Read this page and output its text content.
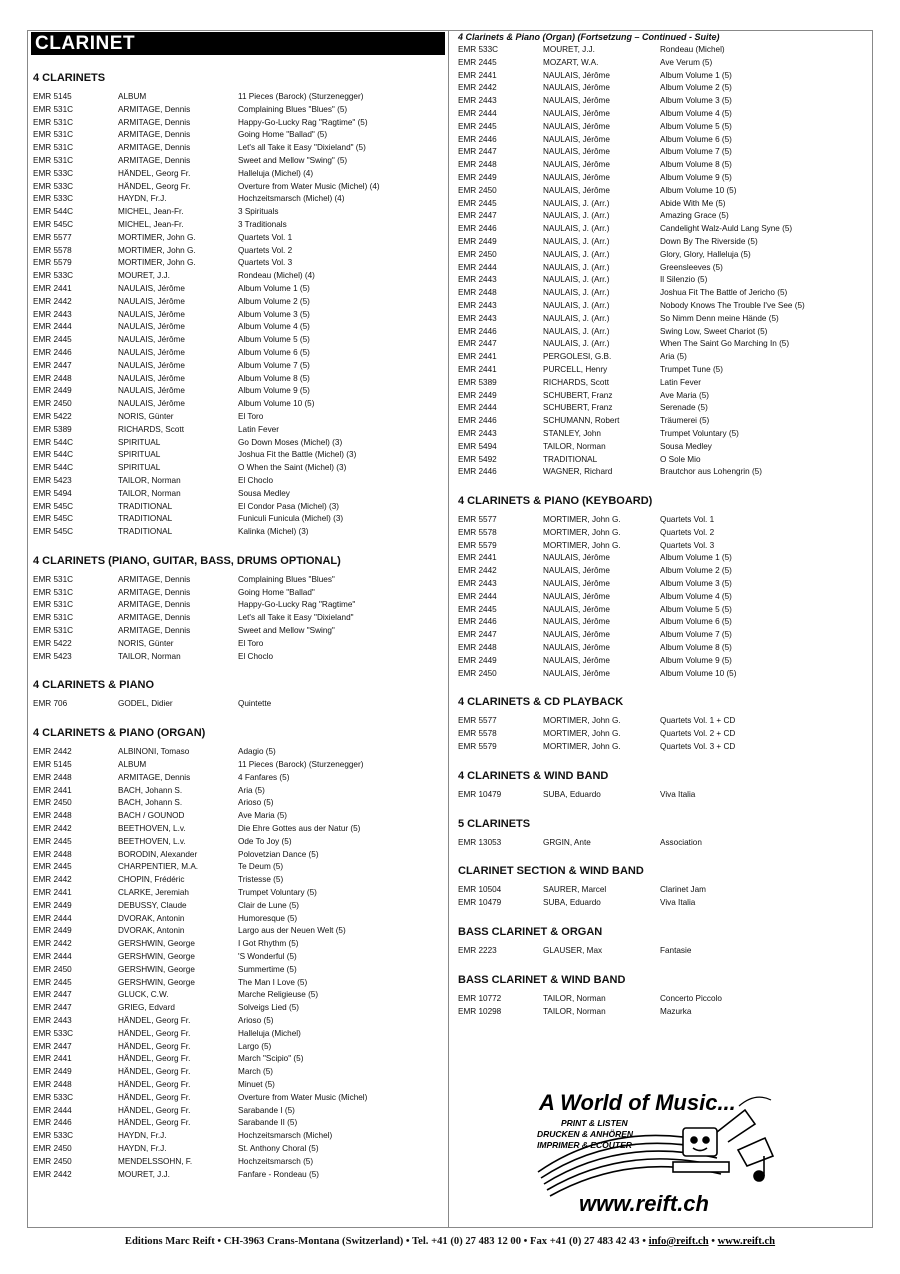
CLARINET
4 CLARINETS
EMR 5145	ALBUM	11 Pieces (Barock) (Sturzenegger)
EMR 531C	ARMITAGE, Dennis	Complaining Blues "Blues" (5)
EMR 531C	ARMITAGE, Dennis	Happy-Go-Lucky Rag "Ragtime" (5)
EMR 531C	ARMITAGE, Dennis	Going Home "Ballad" (5)
EMR 531C	ARMITAGE, Dennis	Let's all Take it Easy "Dixieland" (5)
EMR 531C	ARMITAGE, Dennis	Sweet and Mellow "Swing" (5)
EMR 533C	HÄNDEL, Georg Fr.	Halleluja (Michel) (4)
EMR 533C	HÄNDEL, Georg Fr.	Overture from Water Music (Michel) (4)
EMR 533C	HAYDN, Fr.J.	Hochzeitsmarsch (Michel) (4)
EMR 544C	MICHEL, Jean-Fr.	3 Spirituals
EMR 545C	MICHEL, Jean-Fr.	3 Traditionals
EMR 5577	MORTIMER, John G.	Quartets Vol. 1
EMR 5578	MORTIMER, John G.	Quartets Vol. 2
EMR 5579	MORTIMER, John G.	Quartets Vol. 3
EMR 533C	MOURET, J.J.	Rondeau (Michel) (4)
EMR 2441	NAULAIS, Jérôme	Album Volume 1 (5)
EMR 2442	NAULAIS, Jérôme	Album Volume 2 (5)
EMR 2443	NAULAIS, Jérôme	Album Volume 3 (5)
EMR 2444	NAULAIS, Jérôme	Album Volume 4 (5)
EMR 2445	NAULAIS, Jérôme	Album Volume 5 (5)
EMR 2446	NAULAIS, Jérôme	Album Volume 6 (5)
EMR 2447	NAULAIS, Jérôme	Album Volume 7 (5)
EMR 2448	NAULAIS, Jérôme	Album Volume 8 (5)
EMR 2449	NAULAIS, Jérôme	Album Volume 9 (5)
EMR 2450	NAULAIS, Jérôme	Album Volume 10 (5)
EMR 5422	NORIS, Günter	El Toro
EMR 5389	RICHARDS, Scott	Latin Fever
EMR 544C	SPIRITUAL	Go Down Moses (Michel) (3)
EMR 544C	SPIRITUAL	Joshua Fit the Battle (Michel) (3)
EMR 544C	SPIRITUAL	O When the Saint (Michel) (3)
EMR 5423	TAILOR, Norman	El Choclo
EMR 5494	TAILOR, Norman	Sousa Medley
EMR 545C	TRADITIONAL	El Condor Pasa (Michel) (3)
EMR 545C	TRADITIONAL	Funiculi Funicula (Michel) (3)
EMR 545C	TRADITIONAL	Kalinka (Michel) (3)
4 CLARINETS (PIANO, GUITAR, BASS, DRUMS OPTIONAL)
EMR 531C	ARMITAGE, Dennis	Complaining Blues "Blues"
EMR 531C	ARMITAGE, Dennis	Going Home "Ballad"
EMR 531C	ARMITAGE, Dennis	Happy-Go-Lucky Rag "Ragtime"
EMR 531C	ARMITAGE, Dennis	Let's all Take it Easy "Dixieland"
EMR 531C	ARMITAGE, Dennis	Sweet and Mellow "Swing"
EMR 5422	NORIS, Günter	El Toro
EMR 5423	TAILOR, Norman	El Choclo
4 CLARINETS & PIANO
EMR 706	GODEL, Didier	Quintette
4 CLARINETS & PIANO (ORGAN)
EMR 2442	ALBINONI, Tomaso	Adagio (5)
EMR 5145	ALBUM	11 Pieces (Barock) (Sturzenegger)
EMR 2448	ARMITAGE, Dennis	4 Fanfares (5)
EMR 2441	BACH, Johann S.	Aria (5)
EMR 2450	BACH, Johann S.	Arioso (5)
EMR 2448	BACH / GOUNOD	Ave Maria (5)
EMR 2442	BEETHOVEN, L.v.	Die Ehre Gottes aus der Natur (5)
EMR 2445	BEETHOVEN, L.v.	Ode To Joy (5)
EMR 2448	BORODIN, Alexander	Polovetzian Dance (5)
EMR 2445	CHARPENTIER, M.A.	Te Deum (5)
EMR 2442	CHOPIN, Frédéric	Tristesse (5)
EMR 2441	CLARKE, Jeremiah	Trumpet Voluntary (5)
EMR 2449	DEBUSSY, Claude	Clair de Lune (5)
EMR 2444	DVORAK, Antonin	Humoresque (5)
EMR 2449	DVORAK, Antonin	Largo aus der Neuen Welt (5)
EMR 2442	GERSHWIN, George	I Got Rhythm (5)
EMR 2444	GERSHWIN, George	'S Wonderful (5)
EMR 2450	GERSHWIN, George	Summertime (5)
EMR 2445	GERSHWIN, George	The Man I Love (5)
EMR 2447	GLUCK, C.W.	Marche Religieuse (5)
EMR 2447	GRIEG, Edvard	Solveigs Lied (5)
EMR 2443	HÄNDEL, Georg Fr.	Arioso (5)
EMR 533C	HÄNDEL, Georg Fr.	Halleluja (Michel)
EMR 2447	HÄNDEL, Georg Fr.	Largo (5)
EMR 2441	HÄNDEL, Georg Fr.	March "Scipio" (5)
EMR 2449	HÄNDEL, Georg Fr.	March (5)
EMR 2448	HÄNDEL, Georg Fr.	Minuet (5)
EMR 533C	HÄNDEL, Georg Fr.	Overture from Water Music (Michel)
EMR 2444	HÄNDEL, Georg Fr.	Sarabande I (5)
EMR 2446	HÄNDEL, Georg Fr.	Sarabande II (5)
EMR 533C	HAYDN, Fr.J.	Hochzeitsmarsch (Michel)
EMR 2450	HAYDN, Fr.J.	St. Anthony Choral (5)
EMR 2450	MENDELSSOHN, F.	Hochzeitsmarsch (5)
EMR 2442	MOURET, J.J.	Fanfare - Rondeau (5)
4 Clarinets & Piano (Organ) (Fortsetzung – Continued - Suite)
EMR 533C	MOURET, J.J.	Rondeau (Michel)
EMR 2445	MOZART, W.A.	Ave Verum (5)
EMR 2441	NAULAIS, Jérôme	Album Volume 1 (5)
EMR 2442	NAULAIS, Jérôme	Album Volume 2 (5)
EMR 2443	NAULAIS, Jérôme	Album Volume 3 (5)
EMR 2444	NAULAIS, Jérôme	Album Volume 4 (5)
EMR 2445	NAULAIS, Jérôme	Album Volume 5 (5)
EMR 2446	NAULAIS, Jérôme	Album Volume 6 (5)
EMR 2447	NAULAIS, Jérôme	Album Volume 7 (5)
EMR 2448	NAULAIS, Jérôme	Album Volume 8 (5)
EMR 2449	NAULAIS, Jérôme	Album Volume 9 (5)
EMR 2450	NAULAIS, Jérôme	Album Volume 10 (5)
EMR 2445	NAULAIS, J. (Arr.)	Abide With Me (5)
EMR 2447	NAULAIS, J. (Arr.)	Amazing Grace (5)
EMR 2446	NAULAIS, J. (Arr.)	Candelight Walz-Auld Lang Syne (5)
EMR 2449	NAULAIS, J. (Arr.)	Down By The Riverside (5)
EMR 2450	NAULAIS, J. (Arr.)	Glory, Glory, Halleluja (5)
EMR 2444	NAULAIS, J. (Arr.)	Greensleeves (5)
EMR 2443	NAULAIS, J. (Arr.)	Il Silenzio (5)
EMR 2448	NAULAIS, J. (Arr.)	Joshua Fit The Battle of Jericho (5)
EMR 2443	NAULAIS, J. (Arr.)	Nobody Knows The Trouble I've See (5)
EMR 2443	NAULAIS, J. (Arr.)	So Nimm Denn meine Hände (5)
EMR 2446	NAULAIS, J. (Arr.)	Swing Low, Sweet Chariot (5)
EMR 2447	NAULAIS, J. (Arr.)	When The Saint Go Marching In (5)
EMR 2441	PERGOLESI, G.B.	Aria (5)
EMR 2441	PURCELL, Henry	Trumpet Tune (5)
EMR 5389	RICHARDS, Scott	Latin Fever
EMR 2449	SCHUBERT, Franz	Ave Maria (5)
EMR 2444	SCHUBERT, Franz	Serenade (5)
EMR 2446	SCHUMANN, Robert	Träumerei (5)
EMR 2443	STANLEY, John	Trumpet Voluntary (5)
EMR 5494	TAILOR, Norman	Sousa Medley
EMR 5492	TRADITIONAL	O Sole Mio
EMR 2446	WAGNER, Richard	Brautchor aus Lohengrin (5)
4 CLARINETS & PIANO (KEYBOARD)
EMR 5577	MORTIMER, John G.	Quartets Vol. 1
EMR 5578	MORTIMER, John G.	Quartets Vol. 2
EMR 5579	MORTIMER, John G.	Quartets Vol. 3
EMR 2441	NAULAIS, Jérôme	Album Volume 1 (5)
EMR 2442	NAULAIS, Jérôme	Album Volume 2 (5)
EMR 2443	NAULAIS, Jérôme	Album Volume 3 (5)
EMR 2444	NAULAIS, Jérôme	Album Volume 4 (5)
EMR 2445	NAULAIS, Jérôme	Album Volume 5 (5)
EMR 2446	NAULAIS, Jérôme	Album Volume 6 (5)
EMR 2447	NAULAIS, Jérôme	Album Volume 7 (5)
EMR 2448	NAULAIS, Jérôme	Album Volume 8 (5)
EMR 2449	NAULAIS, Jérôme	Album Volume 9 (5)
EMR 2450	NAULAIS, Jérôme	Album Volume 10 (5)
4 CLARINETS & CD PLAYBACK
EMR 5577	MORTIMER, John G.	Quartets Vol. 1 + CD
EMR 5578	MORTIMER, John G.	Quartets Vol. 2 + CD
EMR 5579	MORTIMER, John G.	Quartets Vol. 3 + CD
4 CLARINETS & WIND BAND
EMR 10479	SUBA, Eduardo	Viva Italia
5 CLARINETS
EMR 13053	GRGIN, Ante	Association
CLARINET SECTION & WIND BAND
EMR 10504	SAURER, Marcel	Clarinet Jam
EMR 10479	SUBA, Eduardo	Viva Italia
BASS CLARINET & ORGAN
EMR 2223	GLAUSER, Max	Fantasie
BASS CLARINET & WIND BAND
EMR 10772	TAILOR, Norman	Concerto Piccolo
EMR 10298	TAILOR, Norman	Mazurka
A World of Music...
PRINT & LISTEN
DRUCKEN & ANHÖREN
IMPRIMER & ECOUTER
www.reift.ch
Editions Marc Reift • CH-3963 Crans-Montana (Switzerland) • Tel. +41 (0) 27 483 12 00 • Fax +41 (0) 27 483 42 43 • info@reift.ch • www.reift.ch
